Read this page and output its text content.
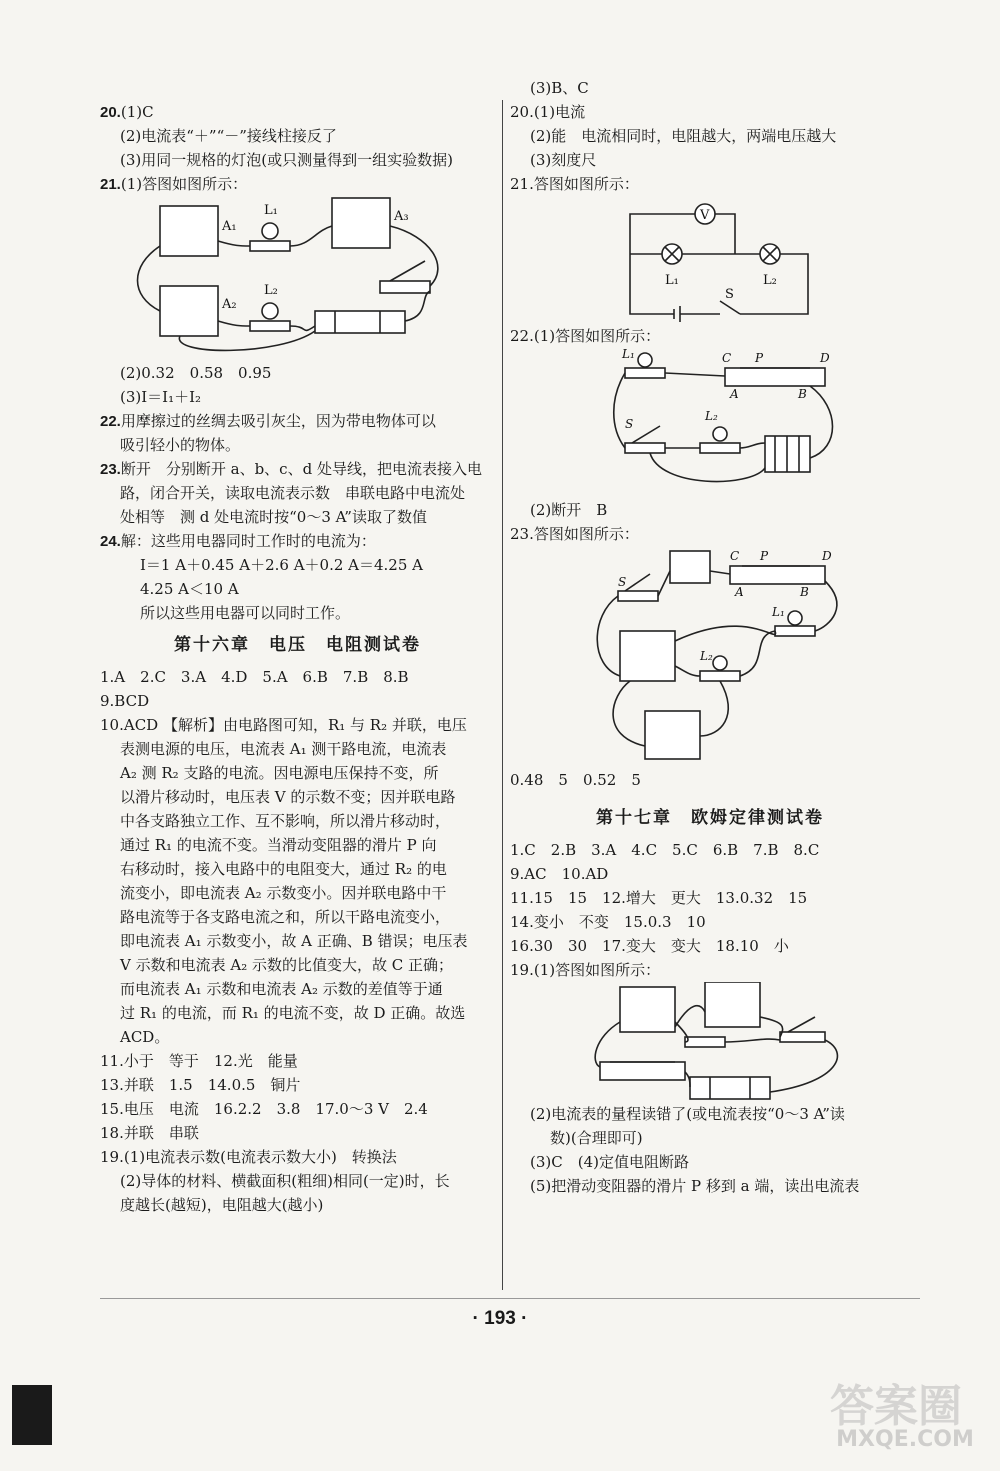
20.(1)C
(2)电流表“＋”“－”接线柱接反了
(3)用同一规格的灯泡(或只测量得到一组实验数据)
21.(1)答图如图所示：
L₁
A₁
A₂
A₃
L₂
(2)0.32　0.58　0.95
(3)I＝I₁＋I₂
22.用摩擦过的丝绸去吸引灰尘，因为带电物体可以
吸引轻小的物体。
23.断开　分别断开 a、b、c、d 处导线，把电流表接入电
路，闭合开关，读取电流表示数　串联电路中电流处
处相等　测 d 处电流时按“0～3 A”读取了数值
24.解：这些用电器同时工作时的电流为：
I＝1 A＋0.45 A＋2.6 A＋0.2 A＝4.25 A
4.25 A＜10 A
所以这些用电器可以同时工作。
第十六章　电压　电阻测试卷
1.A　2.C　3.A　4.D　5.A　6.B　7.B　8.B
9.BCD
10.ACD 【解析】由电路图可知，R₁ 与 R₂ 并联，电压
表测电源的电压，电流表 A₁ 测干路电流，电流表
A₂ 测 R₂ 支路的电流。因电源电压保持不变，所
以滑片移动时，电压表 V 的示数不变；因并联电路
中各支路独立工作、互不影响，所以滑片移动时，
通过 R₁ 的电流不变。当滑动变阻器的滑片 P 向
右移动时，接入电路中的电阻变大，通过 R₂ 的电
流变小，即电流表 A₂ 示数变小。因并联电路中干
路电流等于各支路电流之和，所以干路电流变小，
即电流表 A₁ 示数变小，故 A 正确、B 错误；电压表
V 示数和电流表 A₂ 示数的比值变大，故 C 正确；
而电流表 A₁ 示数和电流表 A₂ 示数的差值等于通
过 R₁ 的电流，而 R₁ 的电流不变，故 D 正确。故选
ACD。
11.小于　等于　12.光　能量
13.并联　1.5　14.0.5　铜片
15.电压　电流　16.2.2　3.8　17.0～3 V　2.4
18.并联　串联
19.(1)电流表示数(电流表示数大小)　转换法
(2)导体的材料、横截面积(粗细)相同(一定)时，长
度越长(越短)，电阻越大(越小)
(3)B、C
20.(1)电流
(2)能　电流相同时，电阻越大，两端电压越大
(3)刻度尺
21.答图如图所示：
V
L₁	L₂
S
22.(1)答图如图所示：
L₁	C P	D
A	B
S
L₂
(2)断开　B
23.答图如图所示：
S
C P	D
A	B
L₁
L₂
0.48　5　0.52　5
第十七章　欧姆定律测试卷
1.C　2.B　3.A　4.C　5.C　6.B　7.B　8.C
9.AC　10.AD
11.15　15　12.增大　更大　13.0.32　15
14.变小　不变　15.0.3　10
16.30　30　17.变大　变大　18.10　小
19.(1)答图如图所示：
(2)电流表的量程读错了(或电流表按“0～3 A”读
数)(合理即可)
(3)C　(4)定值电阻断路
(5)把滑动变阻器的滑片 P 移到 a 端，读出电流表
· 193 ·
答案圈
MXQE.COM
